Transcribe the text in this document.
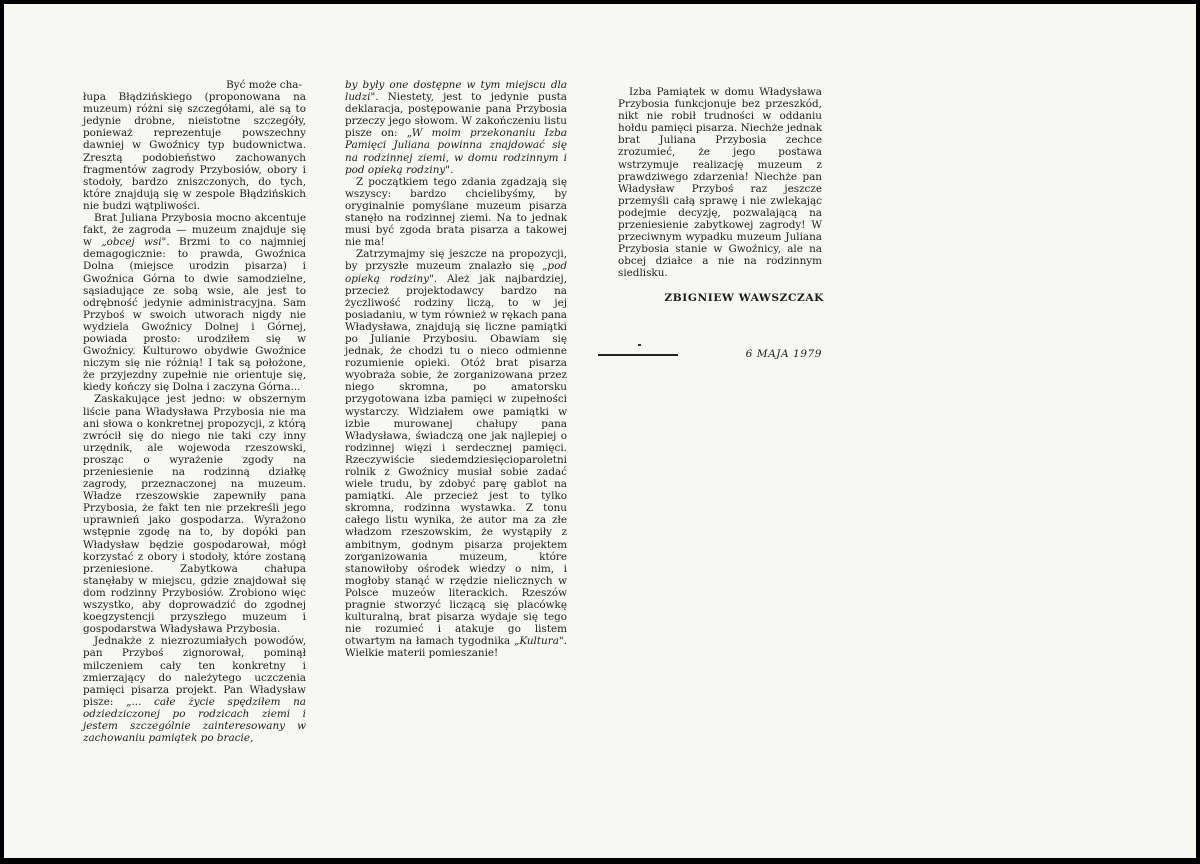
Być może cha-
łupa Błądzińskiego (proponowana na muzeum) różni się szczegółami, ale są to jedynie drobne, nieistotne szczegóły, ponieważ reprezentuje powszechny dawniej w Gwoźnicy typ budownictwa. Zresztą podobieństwo zachowanych fragmentów zagrody Przybosiów, obory i stodoły, bardzo zniszczonych, do tych, które znajdują się w zespole Błądzińskich nie budzi wątpliwości.

Brat Juliana Przybosia mocno akcentuje fakt, że zagroda — muzeum znajduje się w „obcej wsi". Brzmi to co najmniej demagogicznie: to prawda, Gwoźnica Dolna (miejsce urodzin pisarza) i Gwoźnica Górna to dwie samodzielne, sąsiadujące ze sobą wsie, ale jest to odrębność jedynie administracyjna. Sam Przyboś w swoich utworach nigdy nie wydziela Gwoźnicy Dolnej i Górnej, powiada prosto: urodziłem się w Gwoźnicy. Kulturowo obydwie Gwoźnice niczym się nie różnią! I tak są położone, że przyjezdny zupełnie nie orientuje się, kiedy kończy się Dolna i zaczyna Górna...

Zaskakujące jest jedno: w obszernym liście pana Władysława Przybosia nie ma ani słowa o konkretnej propozycji, z którą zwrócił się do niego nie taki czy inny urzędnik, ale wojewoda rzeszowski, prosząc o wyrażenie zgody na przeniesienie na rodzinną działkę zagrody, przeznaczonej na muzeum. Władze rzeszowskie zapewniły pana Przybosia, że fakt ten nie przekreśli jego uprawnień jako gospodarza. Wyrażono wstępnie zgodę na to, by dopóki pan Władysław będzie gospodarował, mógł korzystać z obory i stodoły, które zostaną przeniesione. Zabytkowa chałupa stanęłaby w miejscu, gdzie znajdował się dom rodzinny Przybosiów. Zrobiono więc wszystko, aby doprowadzić do zgodnej koegzystencji przyszłego muzeum i gospodarstwa Władysława Przybosia.

Jednakże z niezrozumiałych powodów, pan Przyboś zignorował, pominął milczeniem cały ten konkretny i zmierzający do należytego uczczenia pamięci pisarza projekt. Pan Władysław pisze: „... całe życie spędziłem na odziedziczonej po rodzicach ziemi i jestem szczególnie zainteresowany w zachowaniu pamiątek po bracie,

by były one dostępne w tym miejscu dla ludzi". Niestety, jest to jedynie pusta deklaracja, postępowanie pana Przybosia przeczy jego słowom. W zakończeniu listu pisze on: „W moim przekonaniu Izba Pamięci Juliana powinna znajdować się na rodzinnej ziemi, w domu rodzinnym i pod opieką rodziny".

Z początkiem tego zdania zgadzają się wszyscy: bardzo chcielibyśmy, by oryginalnie pomyślane muzeum pisarza stanęło na rodzinnej ziemi. Na to jednak musi być zgoda brata pisarza a takowej nie ma!

Zatrzymajmy się jeszcze na propozycji, by przyszłe muzeum znalazło się „pod opieką rodziny". Ależ jak najbardziej, przecież projektodawcy bardzo na życzliwość rodziny liczą, to w jej posiadaniu, w tym również w rękach pana Władysława, znajdują się liczne pamiątki po Julianie Przybosiu. Obawiam się jednak, że chodzi tu o nieco odmienne rozumienie opieki. Otóż brat pisarza wyobraża sobie, że zorganizowana przez niego skromna, po amatorsku przygotowana izba pamięci w zupełności wystarczy. Widziałem owe pamiątki w izbie murowanej chałupy pana Władysława, świadczą one jak najlepiej o rodzinnej więzi i serdecznej pamięci. Rzeczywiście siedemdziesięcioparoletni rolnik z Gwoźnicy musiał sobie zadać wiele trudu, by zdobyć parę gablot na pamiątki. Ale przecież jest to tylko skromna, rodzinna wystawka. Z tonu całego listu wynika, że autor ma za złe władzom rzeszowskim, że wystąpiły z ambitnym, godnym pisarza projektem zorganizowania muzeum, które stanowiłoby ośrodek wiedzy o nim, i mogłoby stanąć w rzędzie nielicznych w Polsce muzeów literackich. Rzeszów pragnie stworzyć liczącą się placówkę kulturalną, brat pisarza wydaje się tego nie rozumieć i atakuje go listem otwartym na łamach tygodnika „Kultura". Wielkie materii pomieszanie!

Izba Pamiątek w domu Władysława Przybosia funkcjonuje bez przeszkód, nikt nie robił trudności w oddaniu hołdu pamięci pisarza. Niechże jednak brat Juliana Przybosia zechce zrozumieć, że jego postawa wstrzymuje realizację muzeum z prawdziwego zdarzenia! Niechże pan Władysław Przyboś raz jeszcze przemyśli całą sprawę i nie zwlekając podejmie decyzję, pozwalającą na przeniesienie zabytkowej zagrody! W przeciwnym wypadku muzeum Juliana Przybosia stanie w Gwoźnicy, ale na obcej działce a nie na rodzinnym siedlisku.

ZBIGNIEW WAWSZCZAK
6 MAJA 1979
